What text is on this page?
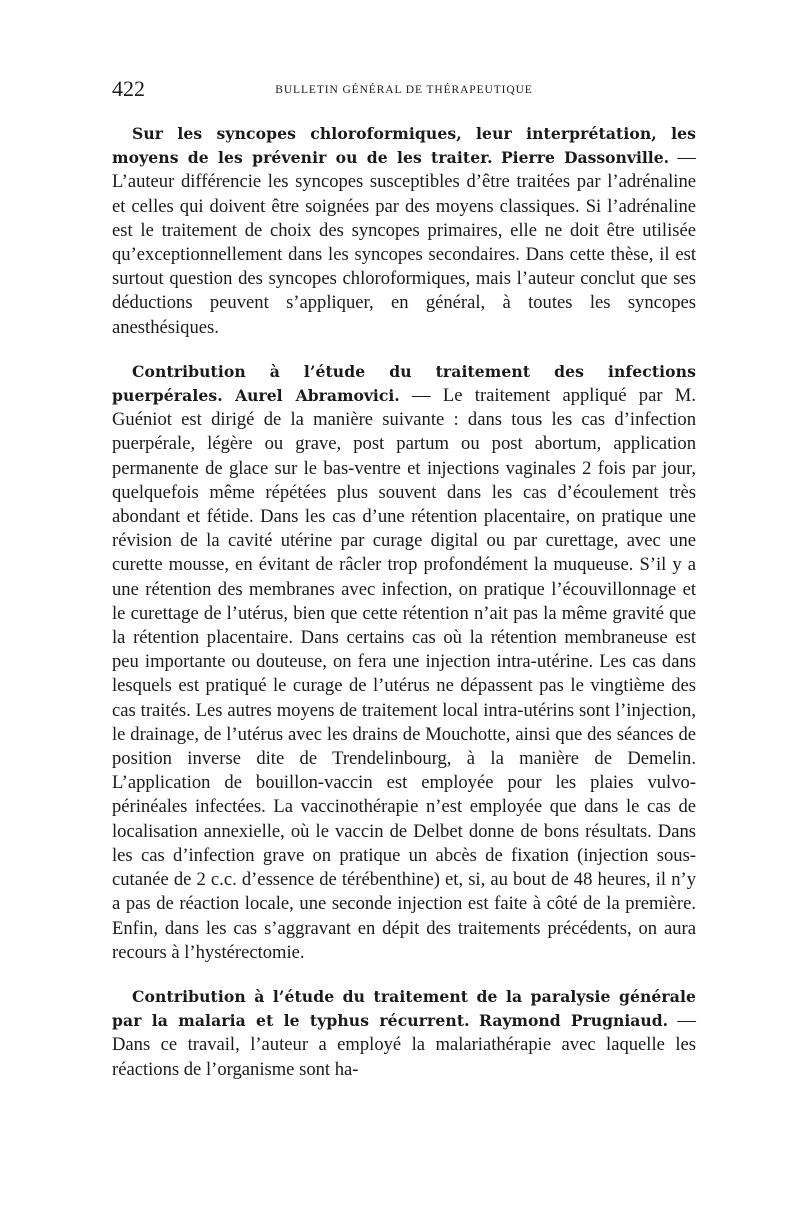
422	BULLETIN GÉNÉRAL DE THÉRAPEUTIQUE

Sur les syncopes chloroformiques, leur interprétation, les moyens de les prévenir ou de les traiter. Pierre Dassonville. — L’auteur différencie les syncopes susceptibles d’être traitées par l’adrénaline et celles qui doivent être soignées par des moyens classiques. Si l’adrénaline est le traitement de choix des syncopes primaires, elle ne doit être utilisée qu’exceptionnellement dans les syncopes secondaires. Dans cette thèse, il est surtout question des syncopes chloroformiques, mais l’auteur conclut que ses déductions peuvent s’appliquer, en général, à toutes les syncopes anesthésiques.

Contribution à l’étude du traitement des infections puerpérales. Aurel Abramovici. — Le traitement appliqué par M. Guéniot est dirigé de la manière suivante : dans tous les cas d’infection puerpérale, légère ou grave, post partum ou post abortum, application permanente de glace sur le bas-ventre et injections vaginales 2 fois par jour, quelquefois même répétées plus souvent dans les cas d’écoulement très abondant et fétide. Dans les cas d’une rétention placentaire, on pratique une révision de la cavité utérine par curage digital ou par curettage, avec une curette mousse, en évitant de râcler trop profondément la muqueuse. S’il y a une rétention des membranes avec infection, on pratique l’écouvillonnage et le curettage de l’utérus, bien que cette rétention n’ait pas la même gravité que la rétention placentaire. Dans certains cas où la rétention membraneuse est peu importante ou douteuse, on fera une injection intra-utérine. Les cas dans lesquels est pratiqué le curage de l’utérus ne dépassent pas le vingtième des cas traités. Les autres moyens de traitement local intra-utérins sont l’injection, le drainage, de l’utérus avec les drains de Mouchotte, ainsi que des séances de position inverse dite de Trendelinbourg, à la manière de Demelin. L’application de bouillon-vaccin est employée pour les plaies vulvo-périnéales infectées. La vaccinothérapie n’est employée que dans le cas de localisation annexielle, où le vaccin de Delbet donne de bons résultats. Dans les cas d’infection grave on pratique un abcès de fixation (injection sous-cutanée de 2 c.c. d’essence de térébenthine) et, si, au bout de 48 heures, il n’y a pas de réaction locale, une seconde injection est faite à côté de la première. Enfin, dans les cas s’aggravant en dépit des traitements précédents, on aura recours à l’hystérectomie.

Contribution à l’étude du traitement de la paralysie générale par la malaria et le typhus récurrent. Raymond Prugniaud. — Dans ce travail, l’auteur a employé la malariathérapie avec laquelle les réactions de l’organisme sont ha-
